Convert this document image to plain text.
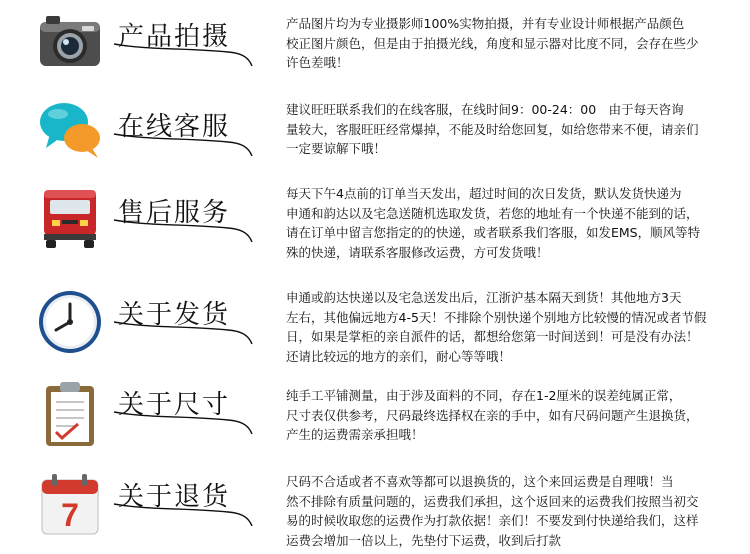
产品拍摄	产品图片均为专业摄影师100%实物拍摄，并有专业设计师根据产品颜色
校正图片颜色，但是由于拍摄光线，角度和显示器对比度不同，会存在些少
许色差哦！
在线客服
建议旺旺联系我们的在线客服，在线时间9：00-24：00　由于每天咨询
量较大，客服旺旺经常爆掉，不能及时给您回复，如给您带来不便，请亲们
一定要谅解下哦！
售后服务
每天下午4点前的订单当天发出，超过时间的次日发货，默认发货快递为
申通和韵达以及宅急送随机选取发货，若您的地址有一个快递不能到的话，
请在订单中留言您指定的的快递，或者联系我们客服，如发EMS，顺风等特
殊的快递，请联系客服修改运费，方可发货哦！
关于发货
申通或韵达快递以及宅急送发出后，江浙沪基本隔天到货！其他地方3天
左右，其他偏远地方4-5天！不排除个别快递个别地方比较慢的情况或者节假
日，如果是掌柜的亲自派件的话，都想给您第一时间送到！可是没有办法！
还请比较远的地方的亲们，耐心等等哦！
关于尺寸	纯手工平铺测量，由于涉及面料的不同，存在1-2厘米的误差纯属正常，
尺寸表仅供参考，尺码最终选择权在亲的手中，如有尺码问题产生退换货，
产生的运费需亲承担哦！
7 关于退货
尺码不合适或者不喜欢等都可以退换货的，这个来回运费是自理哦！当
然不排除有质量问题的，运费我们承担，这个返回来的运费我们按照当初交
易的时候收取您的运费作为打款依据！亲们！不要发到付快递给我们，这样
运费会增加一倍以上，先垫付下运费，收到后打款
